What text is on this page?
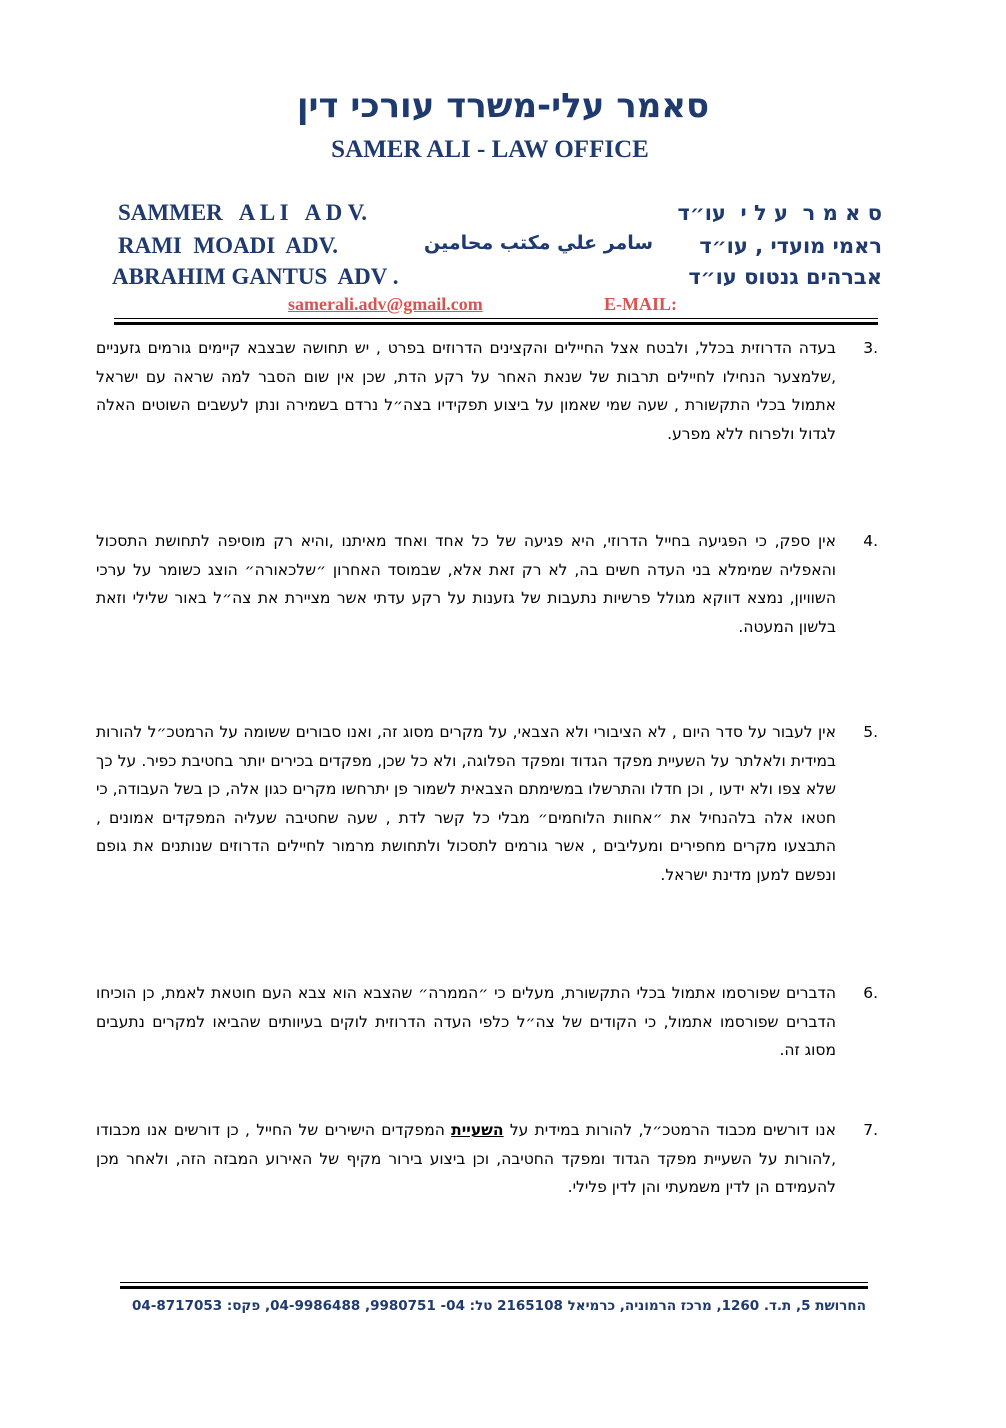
סאמר עלי-משרד עורכי דין
SAMER ALI - LAW OFFICE
SAMMER   A L I   A D V.
RAMI  MOADI  ADV.
ABRAHIM GANTUS  ADV .
سامر علي مكتب محامين
ס א מ ר  ע ל י  עו״ד
ראמי מועדי , עו״ד
אברהים גנטוס עו״ד
samerali.adv@gmail.com	E-MAIL:
3.
בעדה הדרוזית בכלל, ולבטח אצל החיילים והקצינים הדרוזים בפרט , יש תחושה שבצבא קיימים גורמים גזעניים ,שלמצער הנחילו לחיילים תרבות של שנאת האחר על רקע הדת, שכן אין שום הסבר למה שראה עם ישראל אתמול בכלי התקשורת , שעה שמי שאמון על ביצוע תפקידיו בצה״ל נרדם בשמירה ונתן לעשבים השוטים האלה לגדול ולפרוח ללא מפרע.
4.
אין ספק, כי הפגיעה בחייל הדרוזי, היא פגיעה של כל אחד ואחד מאיתנו ,והיא רק מוסיפה לתחושת התסכול והאפליה שמימלא בני העדה חשים בה, לא רק זאת אלא, שבמוסד האחרון ״שלכאורה״ הוצג כשומר על ערכי השוויון, נמצא דווקא מגולל פרשיות נתעבות של גזענות על רקע עדתי אשר מציירת את צה״ל באור שלילי וזאת בלשון המעטה.
5.
אין לעבור על סדר היום , לא הציבורי ולא הצבאי, על מקרים מסוג זה, ואנו סבורים ששומה על הרמטכ״ל להורות במידית ולאלתר על השעיית מפקד הגדוד ומפקד הפלוגה, ולא כל שכן, מפקדים בכירים יותר בחטיבת כפיר. על כך שלא צפו ולא ידעו , וכן חדלו והתרשלו במשימתם הצבאית לשמור פן יתרחשו מקרים כגון אלה, כן בשל העבודה, כי חטאו אלה בלהנחיל את ״אחוות הלוחמים״ מבלי כל קשר לדת , שעה שחטיבה שעליה המפקדים אמונים , התבצעו מקרים מחפירים ומעליבים , אשר גורמים לתסכול ולתחושת מרמור לחיילים הדרוזים שנותנים את גופם ונפשם למען מדינת ישראל.
6.
הדברים שפורסמו אתמול בכלי התקשורת, מעלים כי ״הממרה״ שהצבא הוא צבא העם חוטאת לאמת, כן הוכיחו הדברים שפורסמו אתמול, כי הקודים של צה״ל כלפי העדה הדרוזית לוקים בעיוותים שהביאו למקרים נתעבים מסוג זה.
7.
אנו דורשים מכבוד הרמטכ״ל, להורות במידית על השעיית המפקדים הישירים של החייל , כן דורשים אנו מכבודו ,להורות על השעיית מפקד הגדוד ומפקד החטיבה, וכן ביצוע בירור מקיף של האירוע המבזה הזה, ולאחר מכן להעמידם הן לדין משמעתי והן לדין פלילי.
החרושת 5, ת.ד. 1260, מרכז הרמוניה, כרמיאל 2165108 טל: 04- 9980751, 04-9986488, פקס: 04-8717053
